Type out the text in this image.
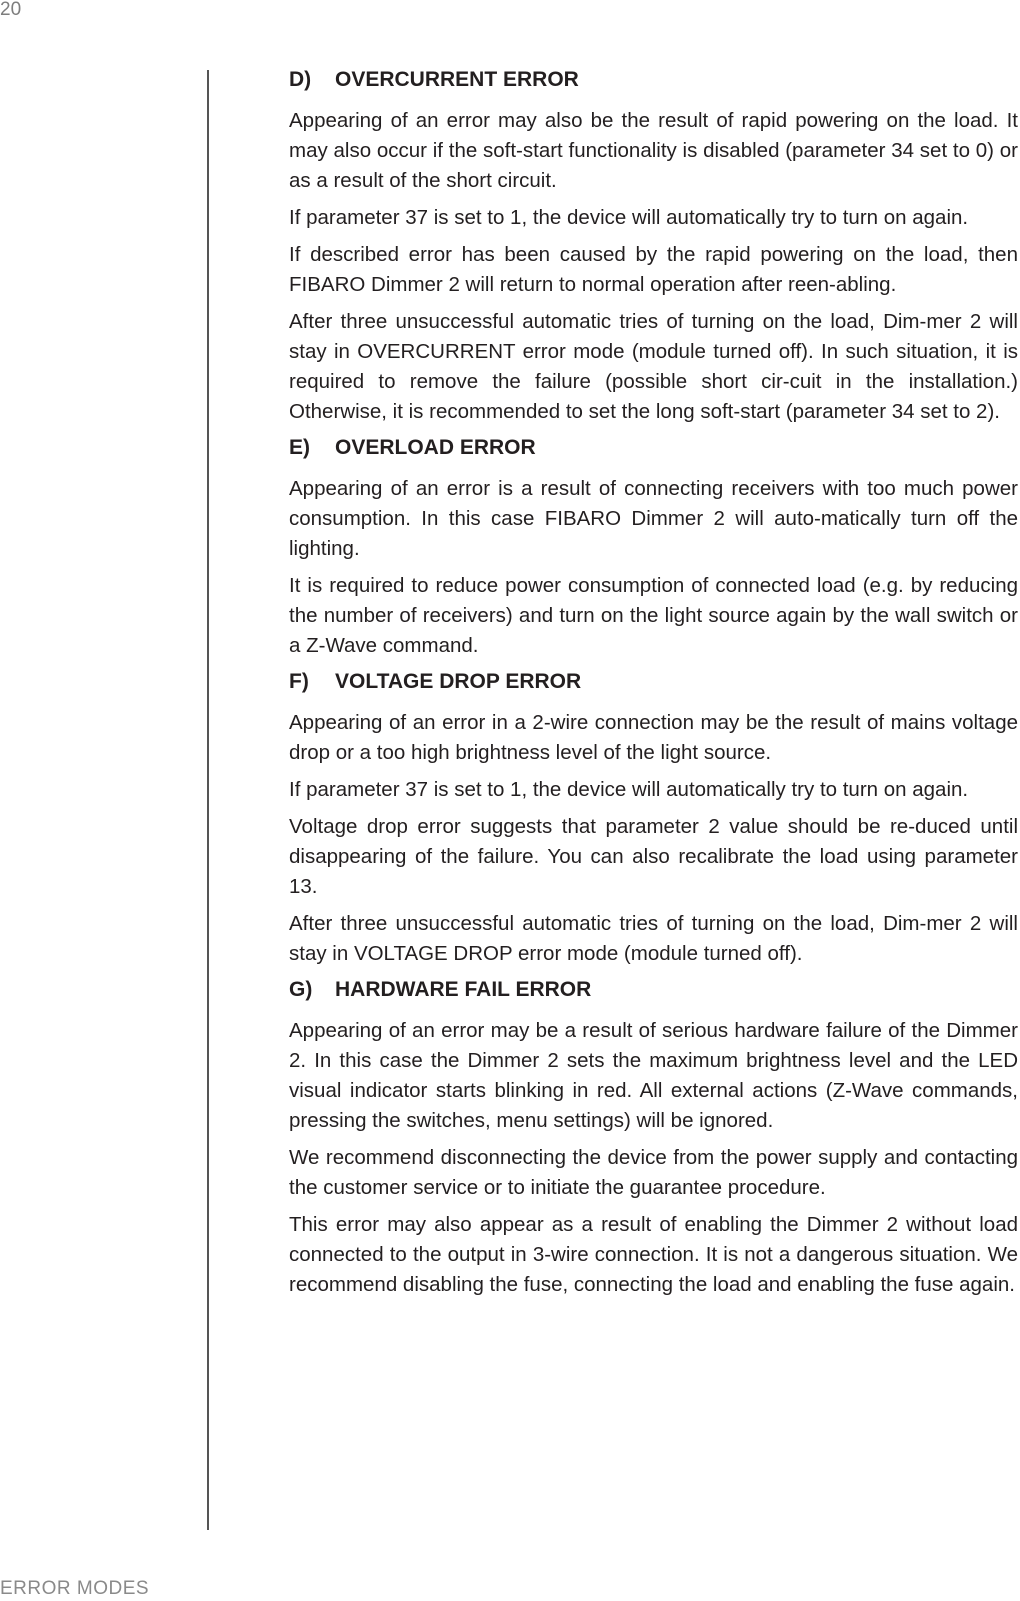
20
D)	OVERCURRENT ERROR

Appearing of an error may also be the result of rapid powering on the load. It may also occur if the soft-start functionality is disabled (parameter 34 set to 0) or as a result of the short circuit.

If parameter 37 is set to 1, the device will automatically try to turn on again.

If described error has been caused by the rapid powering on the load, then FIBARO Dimmer 2 will return to normal operation after reen-abling.

After three unsuccessful automatic tries of turning on the load, Dim-mer 2 will stay in OVERCURRENT error mode (module turned off). In such situation, it is required to remove the failure (possible short cir-cuit in the installation.) Otherwise, it is recommended to set the long soft-start (parameter 34 set to 2).

E)	OVERLOAD ERROR

Appearing of an error is a result of connecting receivers with too much power consumption. In this case FIBARO Dimmer 2 will auto-matically turn off the lighting.

It is required to reduce power consumption of connected load (e.g. by reducing the number of receivers) and turn on the light source again by the wall switch or a Z-Wave command.

F)	VOLTAGE DROP ERROR

Appearing of an error in a 2-wire connection may be the result of mains voltage drop or a too high brightness level of the light source.

If parameter 37 is set to 1, the device will automatically try to turn on again.

Voltage drop error suggests that parameter 2 value should be re-duced until disappearing of the failure. You can also recalibrate the load using parameter 13.

After three unsuccessful automatic tries of turning on the load, Dim-mer 2 will stay in VOLTAGE DROP error mode (module turned off).

G)	HARDWARE FAIL ERROR

Appearing of an error may be a result of serious hardware failure of the Dimmer 2. In this case the Dimmer 2 sets the maximum brightness level and the LED visual indicator starts blinking in red. All external actions (Z-Wave commands, pressing the switches, menu settings) will be ignored.

We recommend disconnecting the device from the power supply and contacting the customer service or to initiate the guarantee procedure.

This error may also appear as a result of enabling the Dimmer 2 without load connected to the output in 3-wire connection. It is not a dangerous situation. We recommend disabling the fuse, connecting the load and enabling the fuse again.

ERROR MODES
